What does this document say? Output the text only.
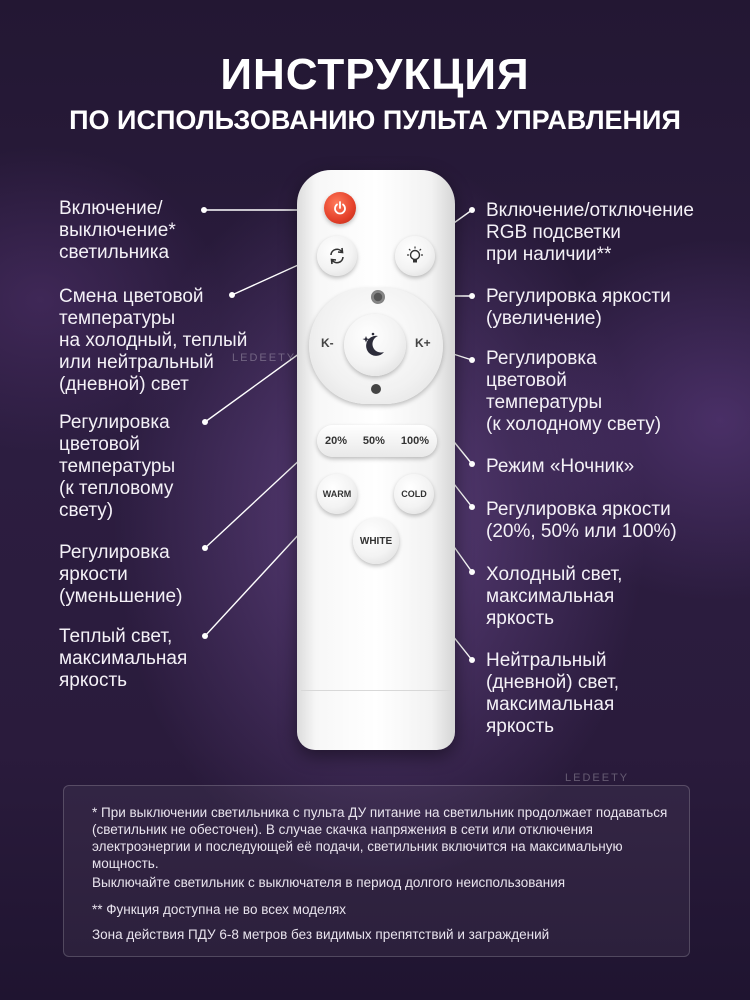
ИНСТРУКЦИЯ
ПО ИСПОЛЬЗОВАНИЮ ПУЛЬТА УПРАВЛЕНИЯ
Включение/
выключение*
светильника
Смена цветовой
температуры
на холодный, теплый
или нейтральный
(дневной) свет
Регулировка
цветовой
температуры
(к тепловому
свету)
Регулировка
яркости
(уменьшение)
Теплый свет,
максимальная
яркость
Включение/отключение
RGB подсветки
при наличии**
Регулировка яркости
(увеличение)
Регулировка
цветовой
температуры
(к холодному свету)
Режим «Ночник»
Регулировка яркости
(20%, 50% или 100%)
Холодный свет,
максимальная
яркость
Нейтральный
(дневной) свет,
максимальная
яркость
K-	K+
20% 50% 100%
WARM	COLD
WHITE
LEDEETY
LEDEETY

* При выключении светильника с пульта ДУ питание на светильник продолжает подаваться (светильник не обесточен). В случае скачка напряжения в сети или отключения электроэнергии и последующей её подачи, светильник включится на максимальную мощность.

Выключайте светильник с выключателя в период долгого неиспользования

** Функция доступна не во всех моделях

Зона действия ПДУ 6-8 метров без видимых препятствий и заграждений
